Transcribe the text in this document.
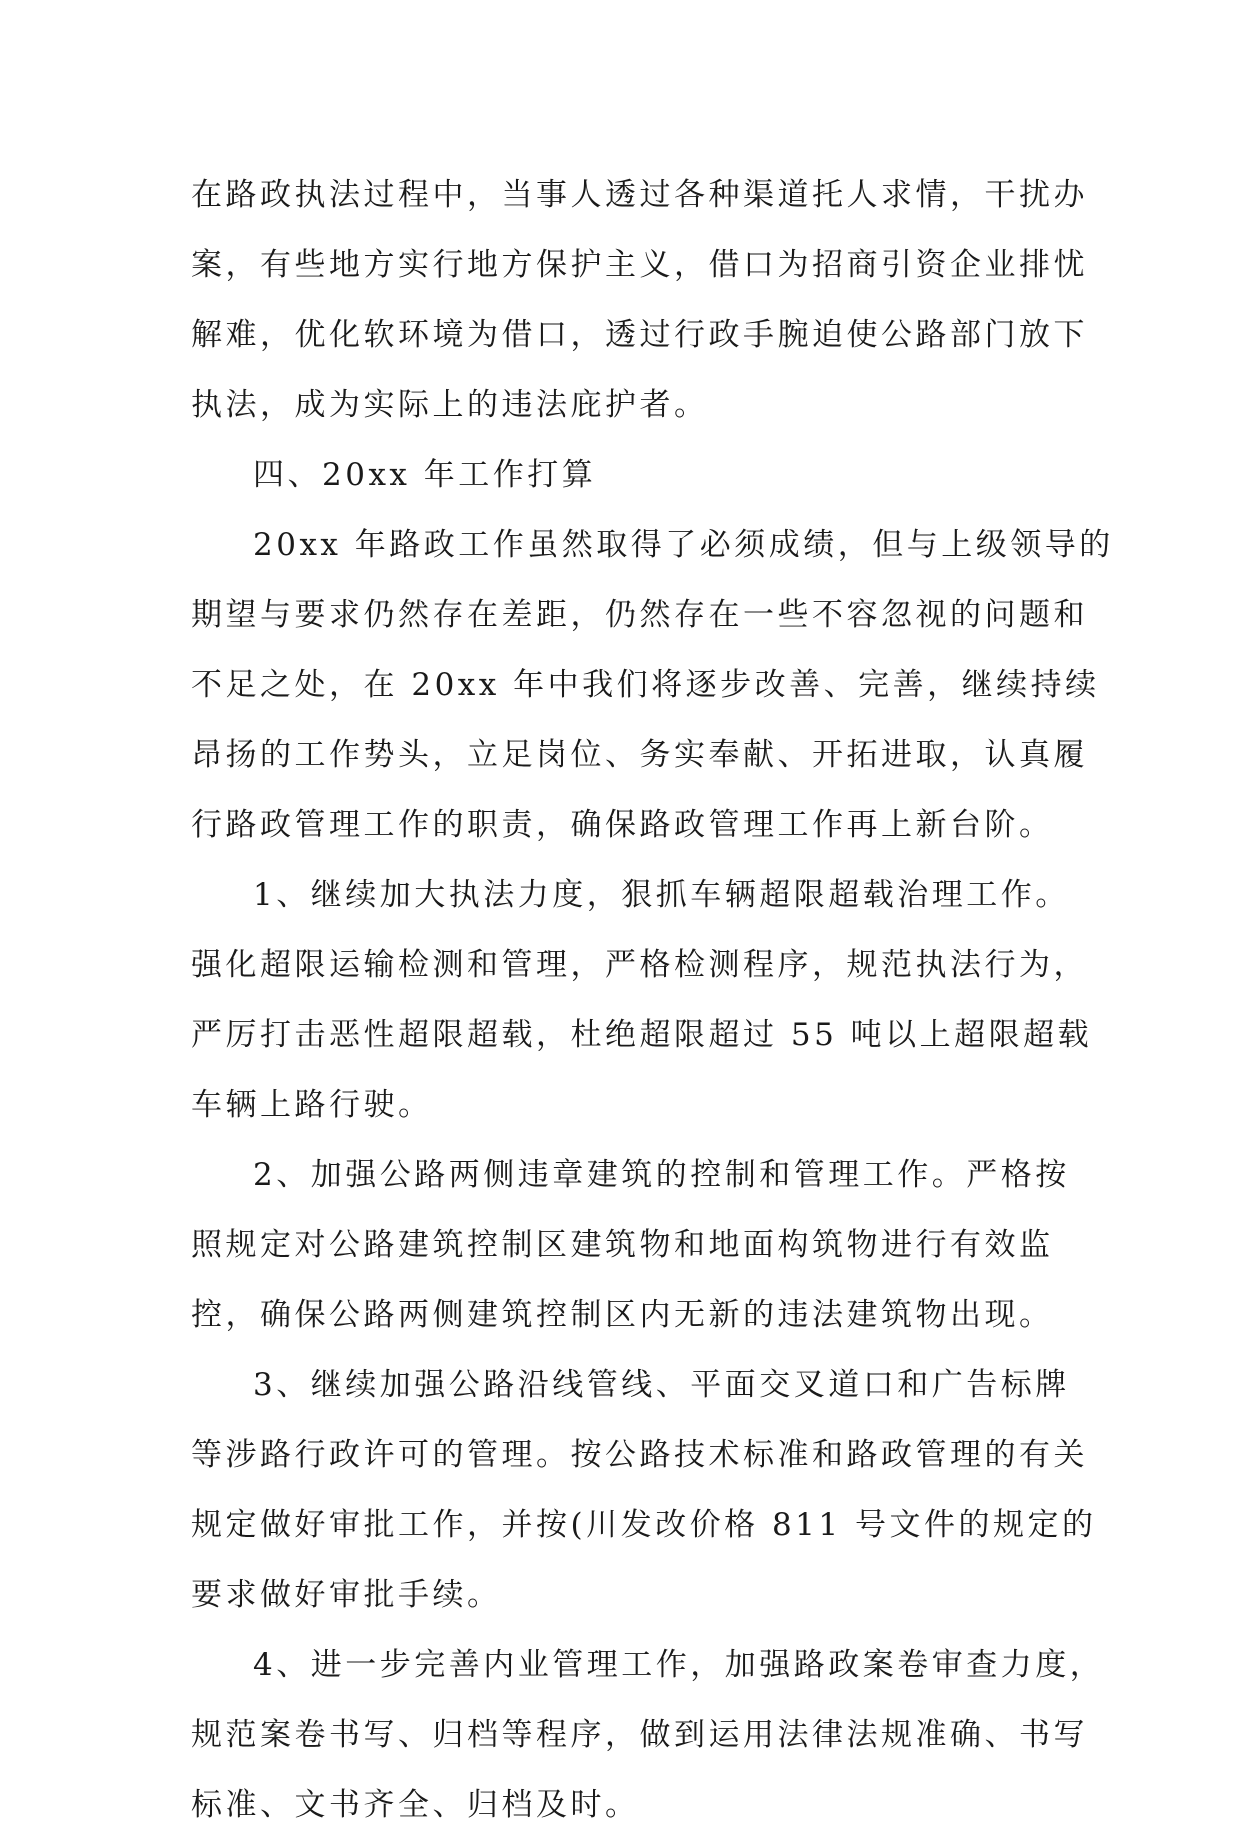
在路政执法过程中，当事人透过各种渠道托人求情，干扰办
案，有些地方实行地方保护主义，借口为招商引资企业排忧
解难，优化软环境为借口，透过行政手腕迫使公路部门放下
执法，成为实际上的违法庇护者。
四、20xx 年工作打算
20xx 年路政工作虽然取得了必须成绩，但与上级领导的
期望与要求仍然存在差距，仍然存在一些不容忽视的问题和
不足之处，在 20xx 年中我们将逐步改善、完善，继续持续
昂扬的工作势头，立足岗位、务实奉献、开拓进取，认真履
行路政管理工作的职责，确保路政管理工作再上新台阶。
1、继续加大执法力度，狠抓车辆超限超载治理工作。
强化超限运输检测和管理，严格检测程序，规范执法行为，
严厉打击恶性超限超载，杜绝超限超过 55 吨以上超限超载
车辆上路行驶。
2、加强公路两侧违章建筑的控制和管理工作。严格按
照规定对公路建筑控制区建筑物和地面构筑物进行有效监
控，确保公路两侧建筑控制区内无新的违法建筑物出现。
3、继续加强公路沿线管线、平面交叉道口和广告标牌
等涉路行政许可的管理。按公路技术标准和路政管理的有关
规定做好审批工作，并按(川发改价格 811 号文件的规定的
要求做好审批手续。
4、进一步完善内业管理工作，加强路政案卷审查力度，
规范案卷书写、归档等程序，做到运用法律法规准确、书写
标准、文书齐全、归档及时。
